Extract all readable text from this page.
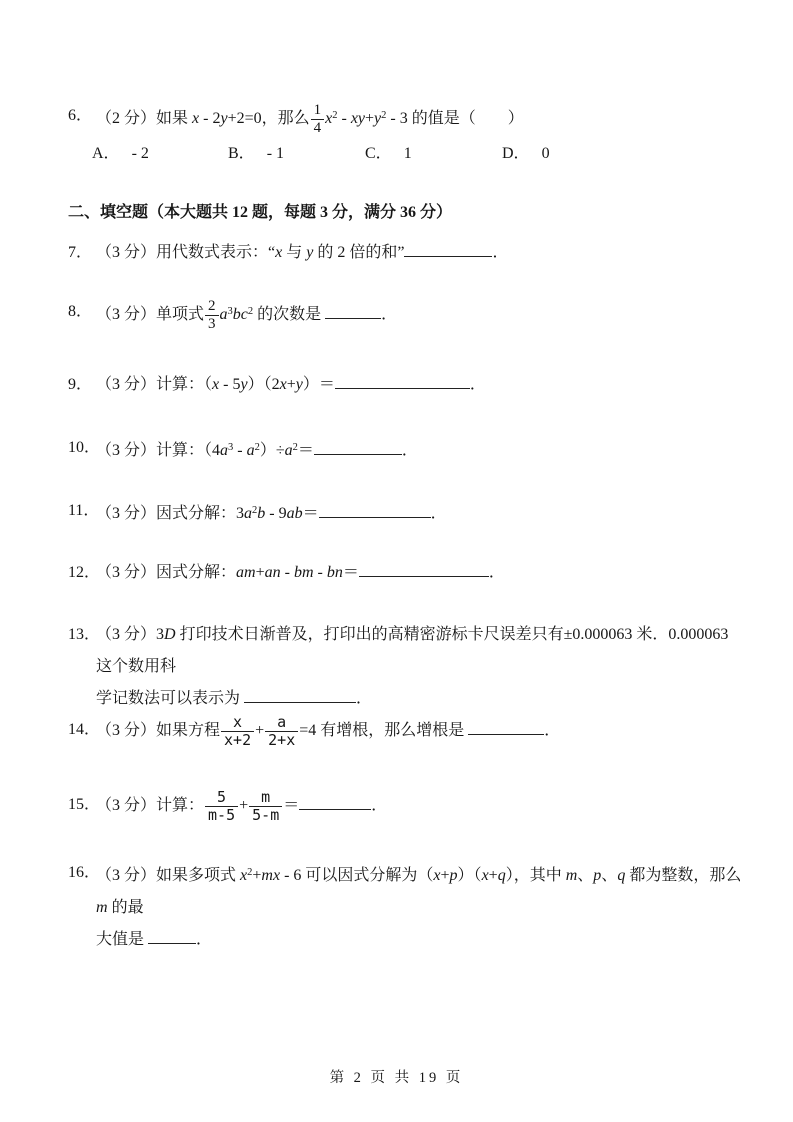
6． （2 分）如果 x - 2y+2=0，那么 $\frac{1}{4} x^2 - xy+y^2 - 3$ 的值是（　　）
A． - 2	B． - 1	C． 1	D． 0
二、填空题（本大题共 12 题，每题 3 分，满分 36 分）
7． （3 分）用代数式表示：“x 与 y 的 2 倍的和”	．
8． （3 分）单项式 $\frac{2}{3} a^3bc^2$ 的次数是	．
9． （3 分）计算：（x - 5y）（2x+y）＝	．
10．
（3 分）计算：$(4a^3 - a^2)\div a^2=$	．
11．
（3 分）因式分解：$3a^2b - 9ab=$	．
12．
（3 分）因式分解：am+an - bm - bn＝	．
13．
（3 分）3D 打印技术日渐普及，打印出的高精密游标卡尺误差只有±0.000063 米．0.000063 这个数用科
学记数法可以表示为	．
14．
（3 分）如果方程 $\frac{x}{x+2} + \frac{a}{2+x} =4$ 有增根，那么增根是	．
15．
（3 分）计算： $\frac{5}{m-5} + \frac{m}{5-m}$ ＝	．
16．
（3 分）如果多项式 $x^2+mx - 6$ 可以因式分解为（x+p）（x+q），其中 m、p、q 都为整数，那么 m 的最
大值是	．
第 2 页 共 19 页
